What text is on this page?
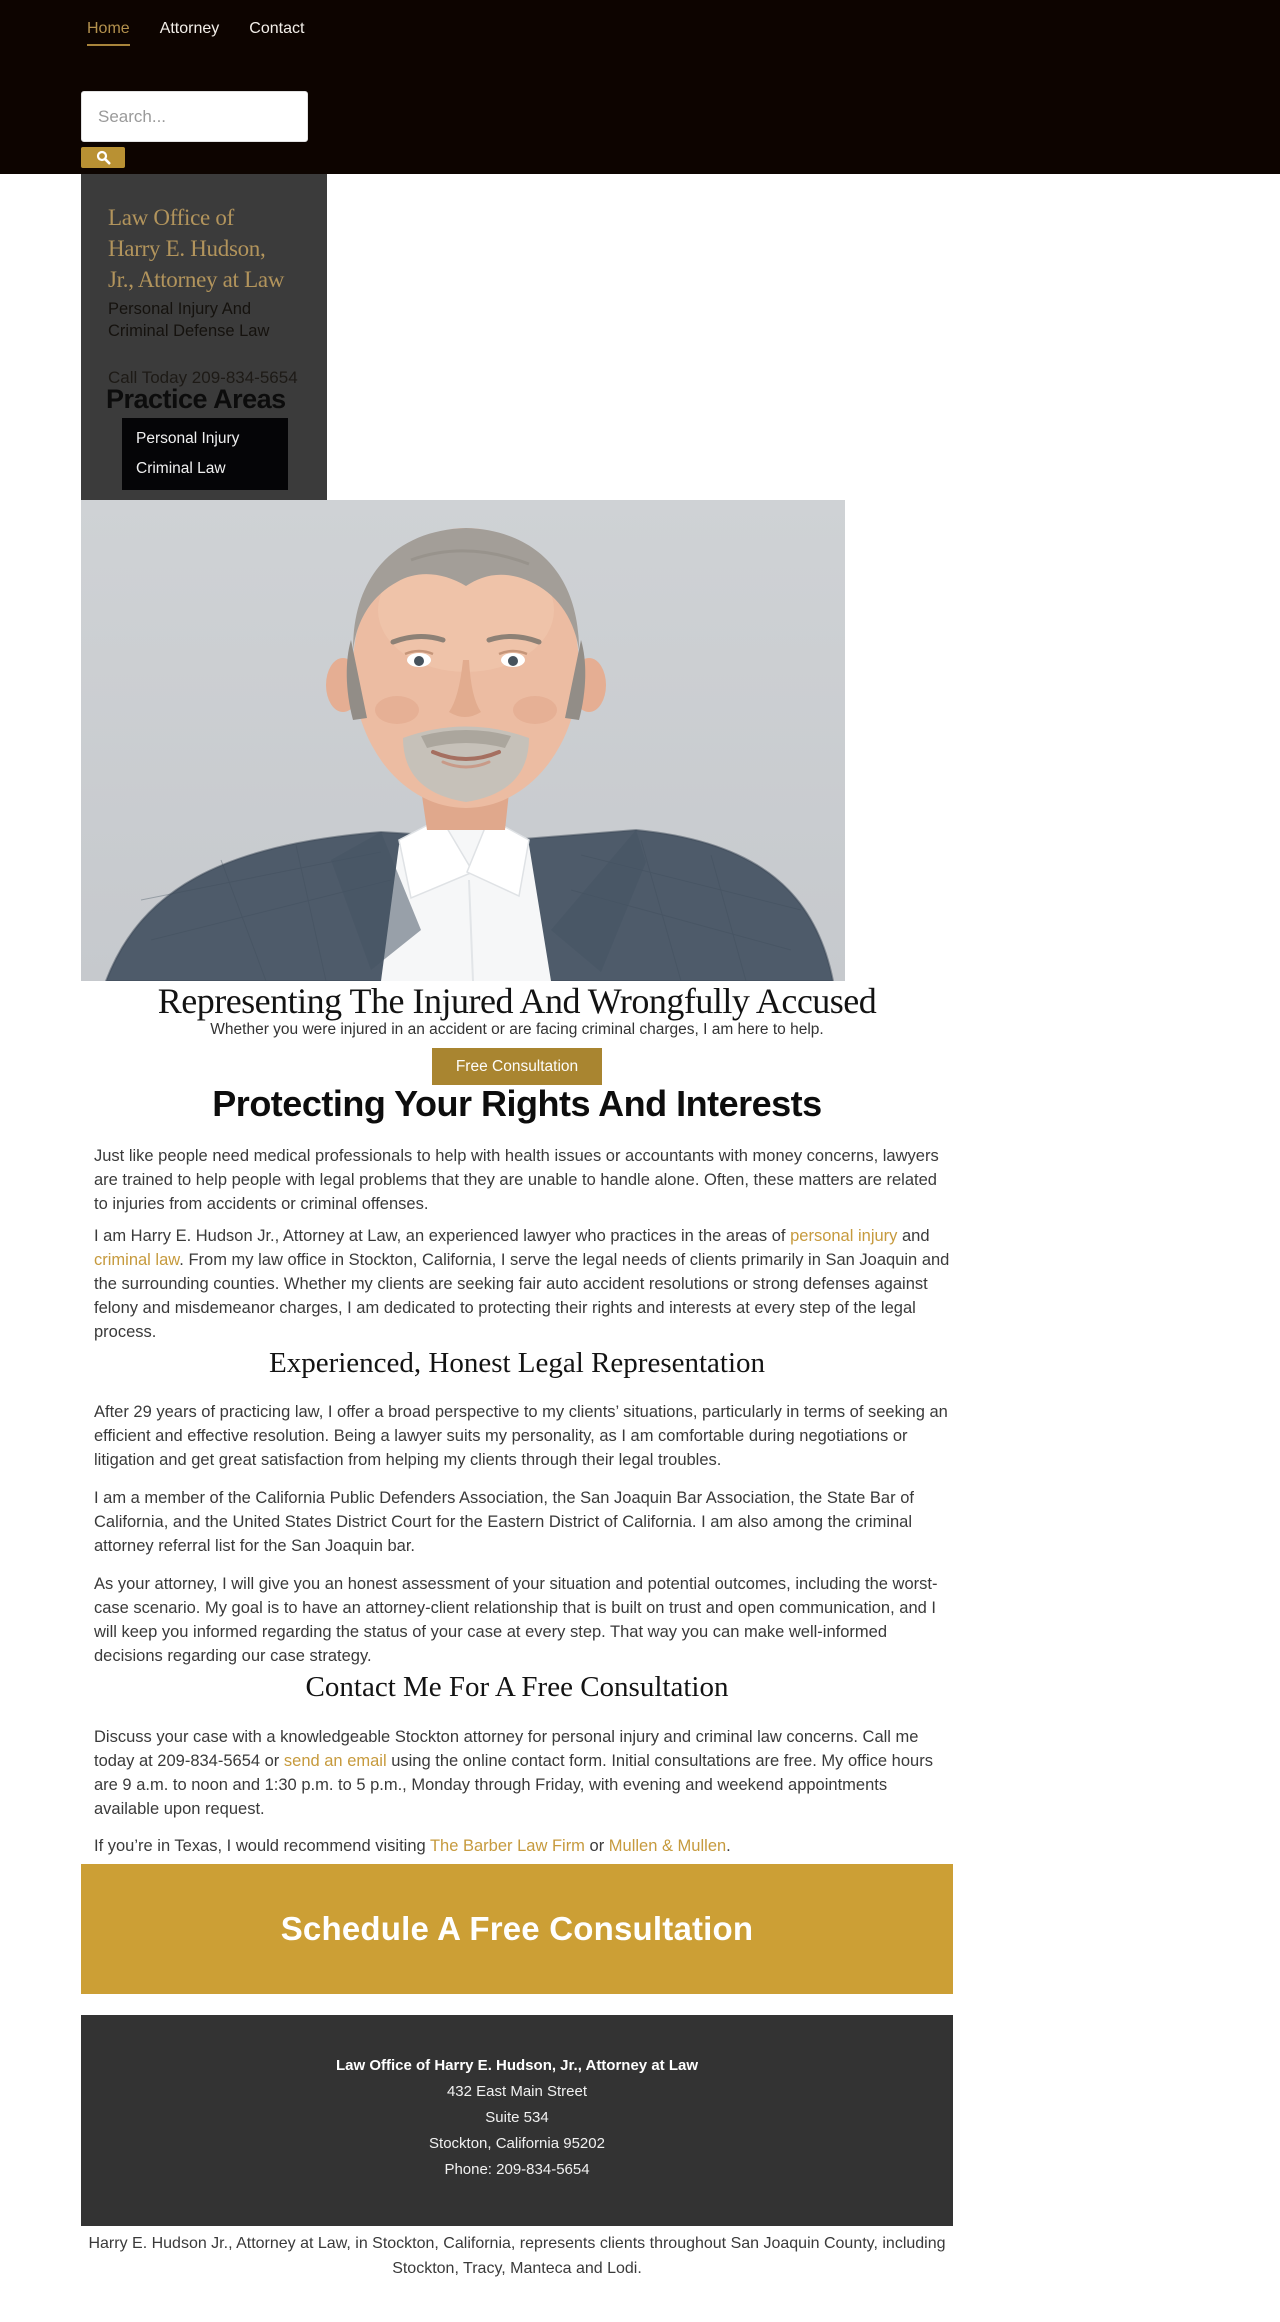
Home Attorney Contact
Search...
Law Office of
Harry E. Hudson,
Jr., Attorney at Law
Personal Injury And
Criminal Defense Law
Call Today 209-834-5654
Practice Areas
Personal Injury
Criminal Law
Representing The Injured And Wrongfully Accused
Whether you were injured in an accident or are facing criminal charges, I am here to help.
Free Consultation
Protecting Your Rights And Interests

Just like people need medical professionals to help with health issues or accountants with money concerns, lawyers are trained to help people with legal problems that they are unable to handle alone. Often, these matters are related to injuries from accidents or criminal offenses.

I am Harry E. Hudson Jr., Attorney at Law, an experienced lawyer who practices in the areas of personal injury and criminal law. From my law office in Stockton, California, I serve the legal needs of clients primarily in San Joaquin and the surrounding counties. Whether my clients are seeking fair auto accident resolutions or strong defenses against felony and misdemeanor charges, I am dedicated to protecting their rights and interests at every step of the legal process.

Experienced, Honest Legal Representation

After 29 years of practicing law, I offer a broad perspective to my clients’ situations, particularly in terms of seeking an efficient and effective resolution. Being a lawyer suits my personality, as I am comfortable during negotiations or litigation and get great satisfaction from helping my clients through their legal troubles.

I am a member of the California Public Defenders Association, the San Joaquin Bar Association, the State Bar of California, and the United States District Court for the Eastern District of California. I am also among the criminal attorney referral list for the San Joaquin bar.

As your attorney, I will give you an honest assessment of your situation and potential outcomes, including the worst-case scenario. My goal is to have an attorney-client relationship that is built on trust and open communication, and I will keep you informed regarding the status of your case at every step. That way you can make well-informed decisions regarding our case strategy.

Contact Me For A Free Consultation

Discuss your case with a knowledgeable Stockton attorney for personal injury and criminal law concerns. Call me today at 209-834-5654 or send an email using the online contact form. Initial consultations are free. My office hours are 9 a.m. to noon and 1:30 p.m. to 5 p.m., Monday through Friday, with evening and weekend appointments available upon request.

If you’re in Texas, I would recommend visiting The Barber Law Firm or Mullen & Mullen.

Schedule A Free Consultation
Law Office of Harry E. Hudson, Jr., Attorney at Law
432 East Main Street
Suite 534
Stockton, California 95202
Phone: 209-834-5654
Harry E. Hudson Jr., Attorney at Law, in Stockton, California, represents clients throughout San Joaquin County, including Stockton, Tracy, Manteca and Lodi.
